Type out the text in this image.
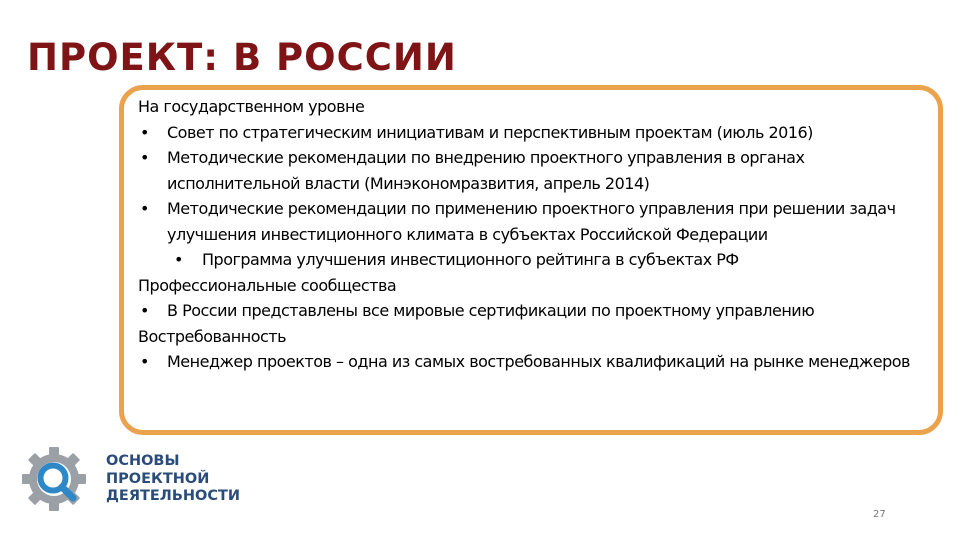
ПРОЕКТ: В РОССИИ
На государственном уровне
• Совет по стратегическим инициативам и перспективным проектам (июль 2016)
• Методические рекомендации по внедрению проектного управления в органах исполнительной власти (Минэкономразвития, апрель 2014)
• Методические рекомендации по применению проектного управления при решении задач улучшения инвестиционного климата в субъектах Российской Федерации
• Программа улучшения инвестиционного рейтинга в субъектах РФ
Профессиональные сообщества
• В России представлены все мировые сертификации по проектному управлению
Востребованность
• Менеджер проектов – одна из самых востребованных квалификаций на рынке менеджеров
ОСНОВЫ
ПРОЕКТНОЙ
ДЕЯТЕЛЬНОСТИ
27
